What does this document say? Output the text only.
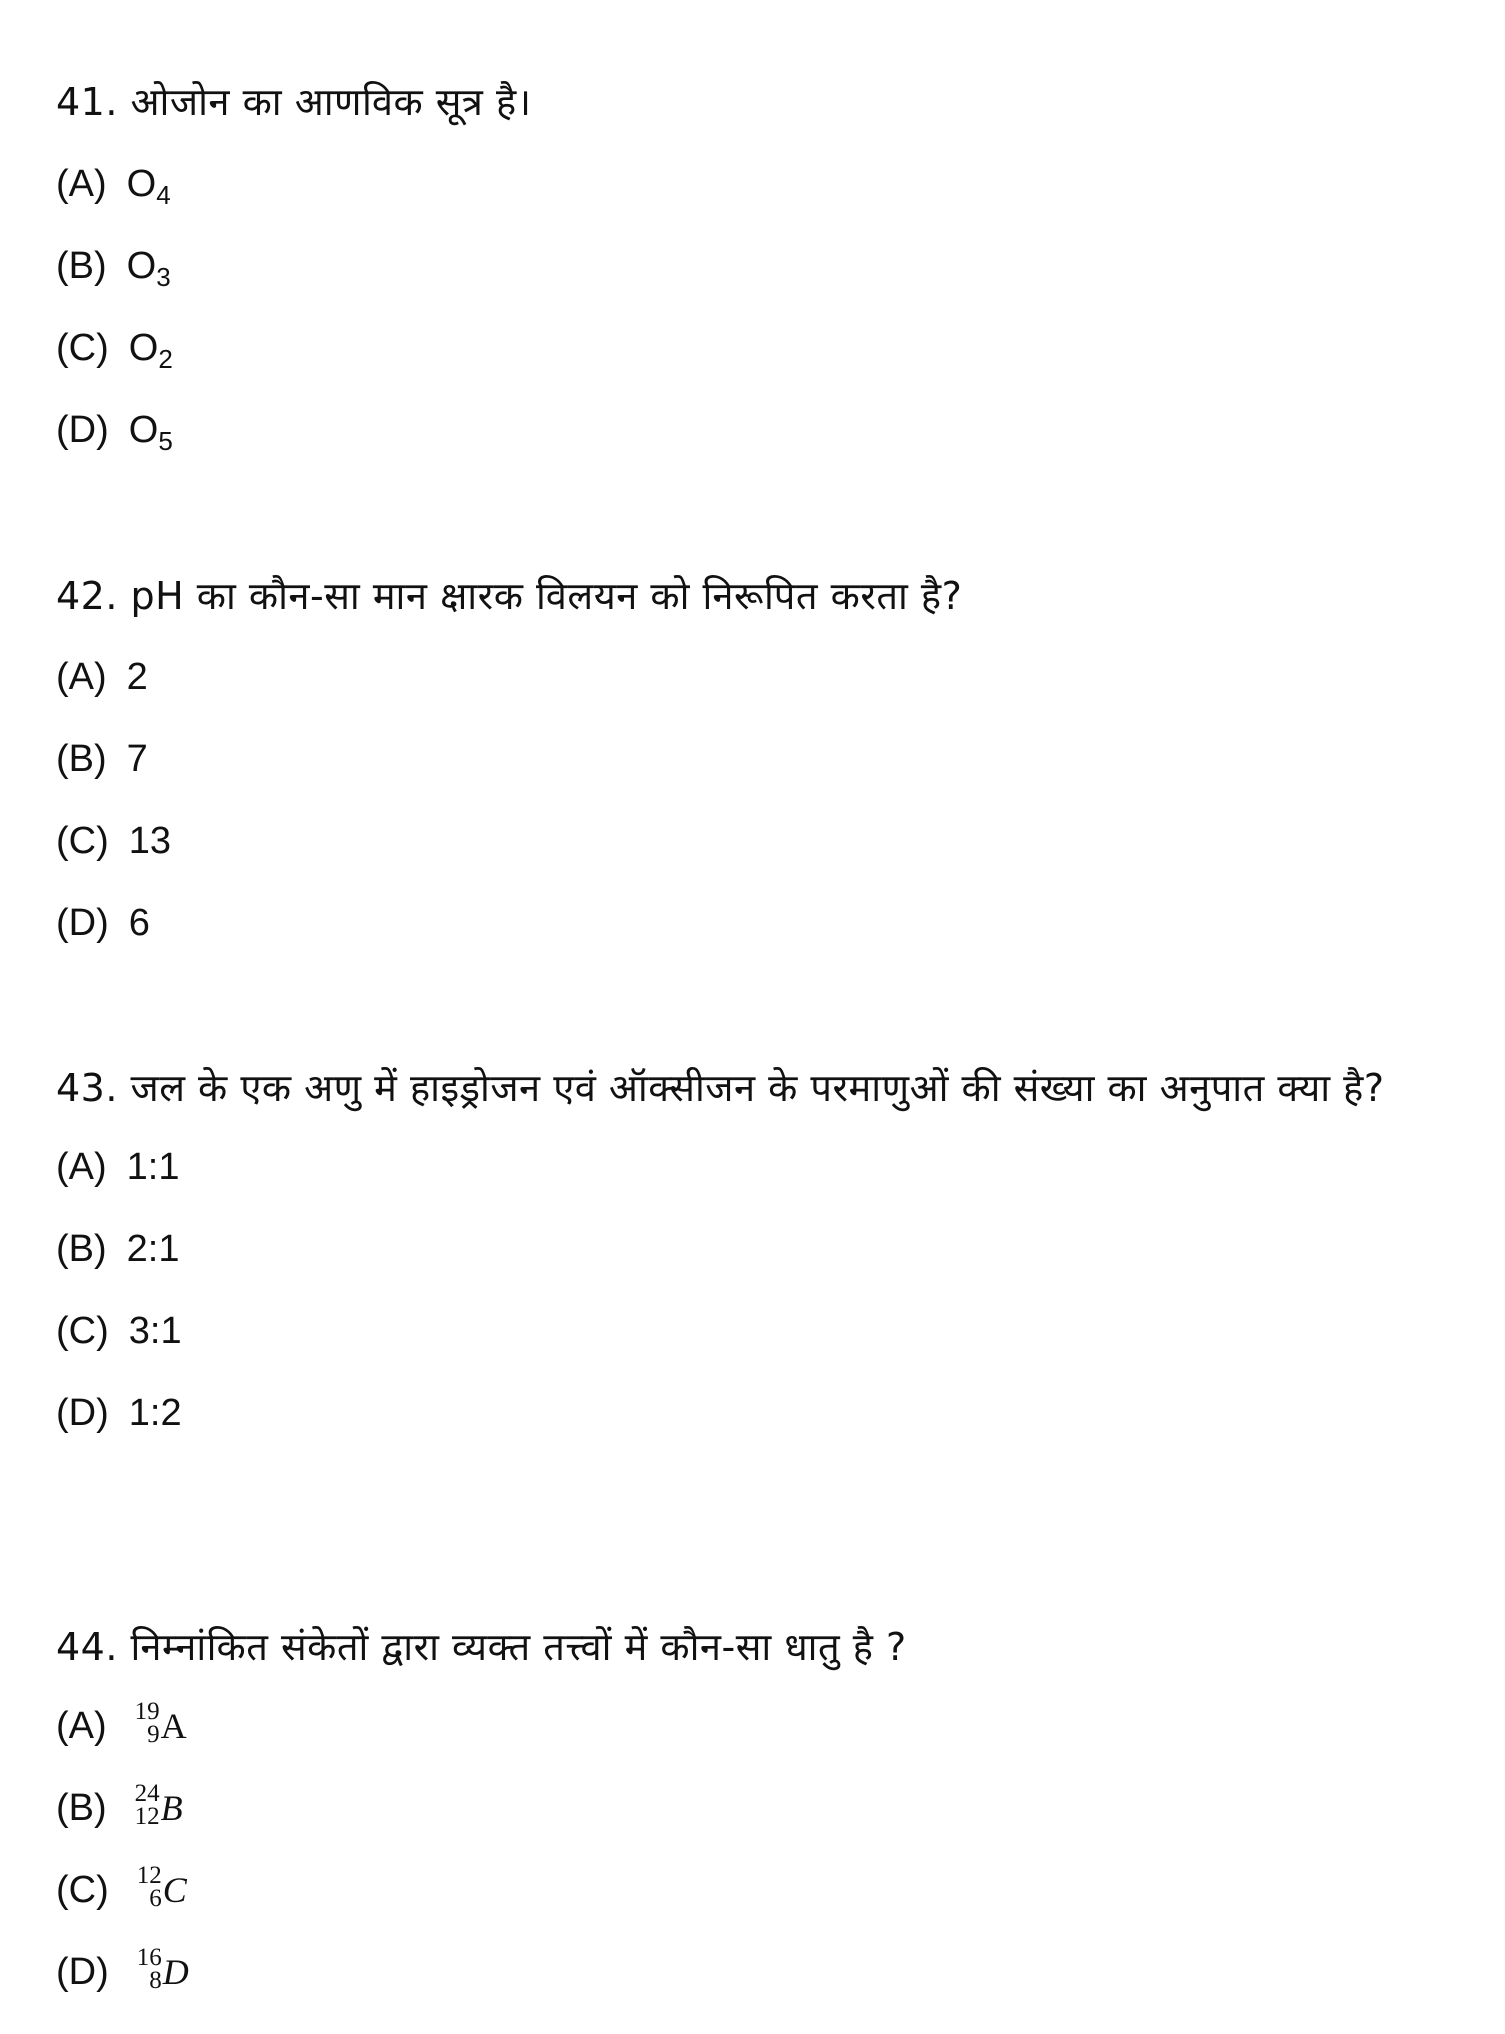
41. ओजोन का आणविक सूत्र है।

(A) $O_4$
(B) $O_3$
(C) $O_2$
(D) $O_5$

42. pH का कौन-सा मान क्षारक विलयन को निरूपित करता है?

(A) 2
(B) 7
(C) 13
(D) 6

43. जल के एक अणु में हाइड्रोजन एवं ऑक्सीजन के परमाणुओं की संख्या का अनुपात क्या है?

(A) 1:1
(B) 2:1
(C) 3:1
(D) 1:2

44. निम्नांकित संकेतों द्वारा व्यक्त तत्त्वों में कौन-सा धातु है ?

(A) 19
9 A
(B) 24
12 B
(C) 12
6 C
(D) 16
8 D
